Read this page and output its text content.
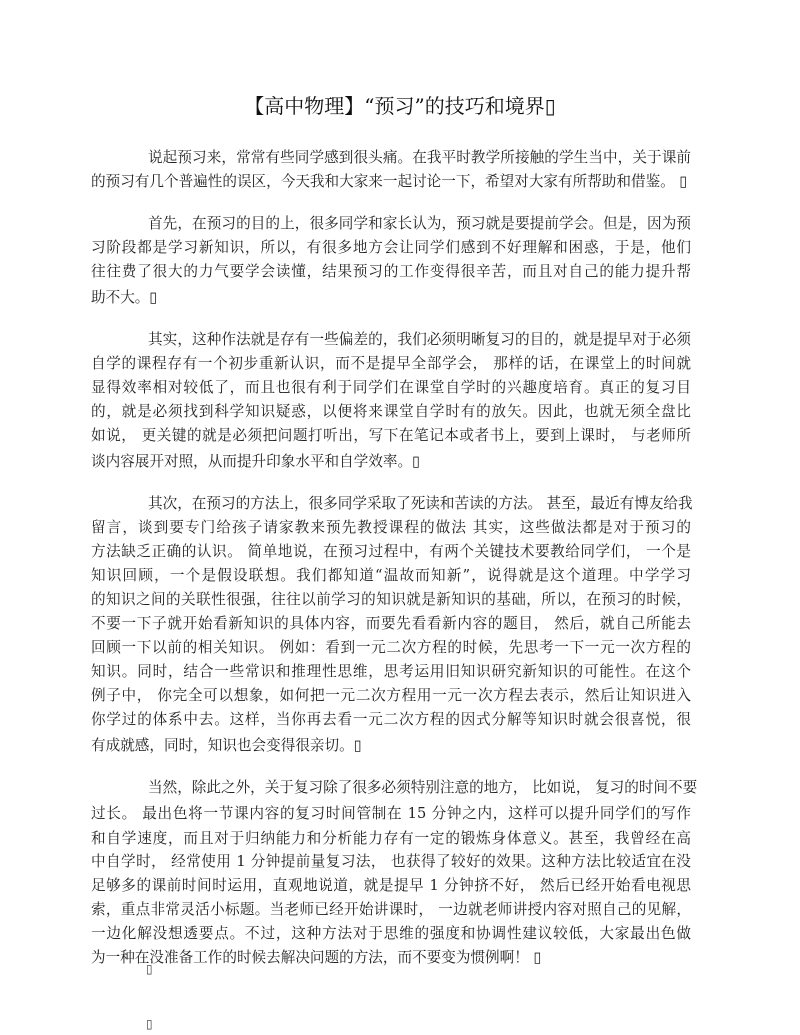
【高中物理】“预习”的技巧和境界▯
说起预习来，常常有些同学感到很头痛。在我平时教学所接触的学生当中，关于课前
的预习有几个普遍性的误区，今天我和大家来一起讨论一下，希望对大家有所帮助和借鉴。 ▯
首先，在预习的目的上，很多同学和家长认为，预习就是要提前学会。但是，因为预
习阶段都是学习新知识，所以，有很多地方会让同学们感到不好理解和困惑，于是，他们
往往费了很大的力气要学会读懂，结果预习的工作变得很辛苦，而且对自己的能力提升帮
助不大。▯
其实，这种作法就是存有一些偏差的，我们必须明晰复习的目的，就是提早对于必须
自学的课程存有一个初步重新认识，而不是提早全部学会， 那样的话，在课堂上的时间就
显得效率相对较低了，而且也很有利于同学们在课堂自学时的兴趣度培育。真正的复习目
的，就是必须找到科学知识疑惑，以便将来课堂自学时有的放矢。因此，也就无须全盘比
如说， 更关键的就是必须把问题打听出，写下在笔记本或者书上，要到上课时， 与老师所
谈内容展开对照，从而提升印象水平和自学效率。▯
其次，在预习的方法上，很多同学采取了死读和苦读的方法。 甚至，最近有博友给我
留言，谈到要专门给孩子请家教来预先教授课程的做法 其实，这些做法都是对于预习的
方法缺乏正确的认识。 简单地说，在预习过程中，有两个关键技术要教给同学们， 一个是
知识回顾，一个是假设联想。我们都知道“温故而知新”，说得就是这个道理。中学学习
的知识之间的关联性很强，往往以前学习的知识就是新知识的基础，所以，在预习的时候，
不要一下子就开始看新知识的具体内容，而要先看看新内容的题目， 然后，就自己所能去
回顾一下以前的相关知识。 例如：看到一元二次方程的时候，先思考一下一元一次方程的
知识。同时，结合一些常识和推理性思维，思考运用旧知识研究新知识的可能性。在这个
例子中， 你完全可以想象，如何把一元二次方程用一元一次方程去表示，然后让知识进入
你学过的体系中去。这样，当你再去看一元二次方程的因式分解等知识时就会很喜悦，很
有成就感，同时，知识也会变得很亲切。▯
当然，除此之外，关于复习除了很多必须特别注意的地方， 比如说， 复习的时间不要
过长。 最出色将一节课内容的复习时间管制在 15 分钟之内，这样可以提升同学们的写作
和自学速度，而且对于归纳能力和分析能力存有一定的锻炼身体意义。甚至，我曾经在高
中自学时， 经常使用 1 分钟提前量复习法， 也获得了较好的效果。这种方法比较适宜在没
足够多的课前时间时运用，直观地说道，就是提早 1 分钟挤不好， 然后已经开始看电视思
索，重点非常灵活小标题。当老师已经开始讲课时， 一边就老师讲授内容对照自己的见解，
一边化解没想透要点。不过，这种方法对于思维的强度和协调性建议较低，大家最出色做
为一种在没准备工作的时候去解决问题的方法，而不要变为惯例啊！ ▯
▯
▯
